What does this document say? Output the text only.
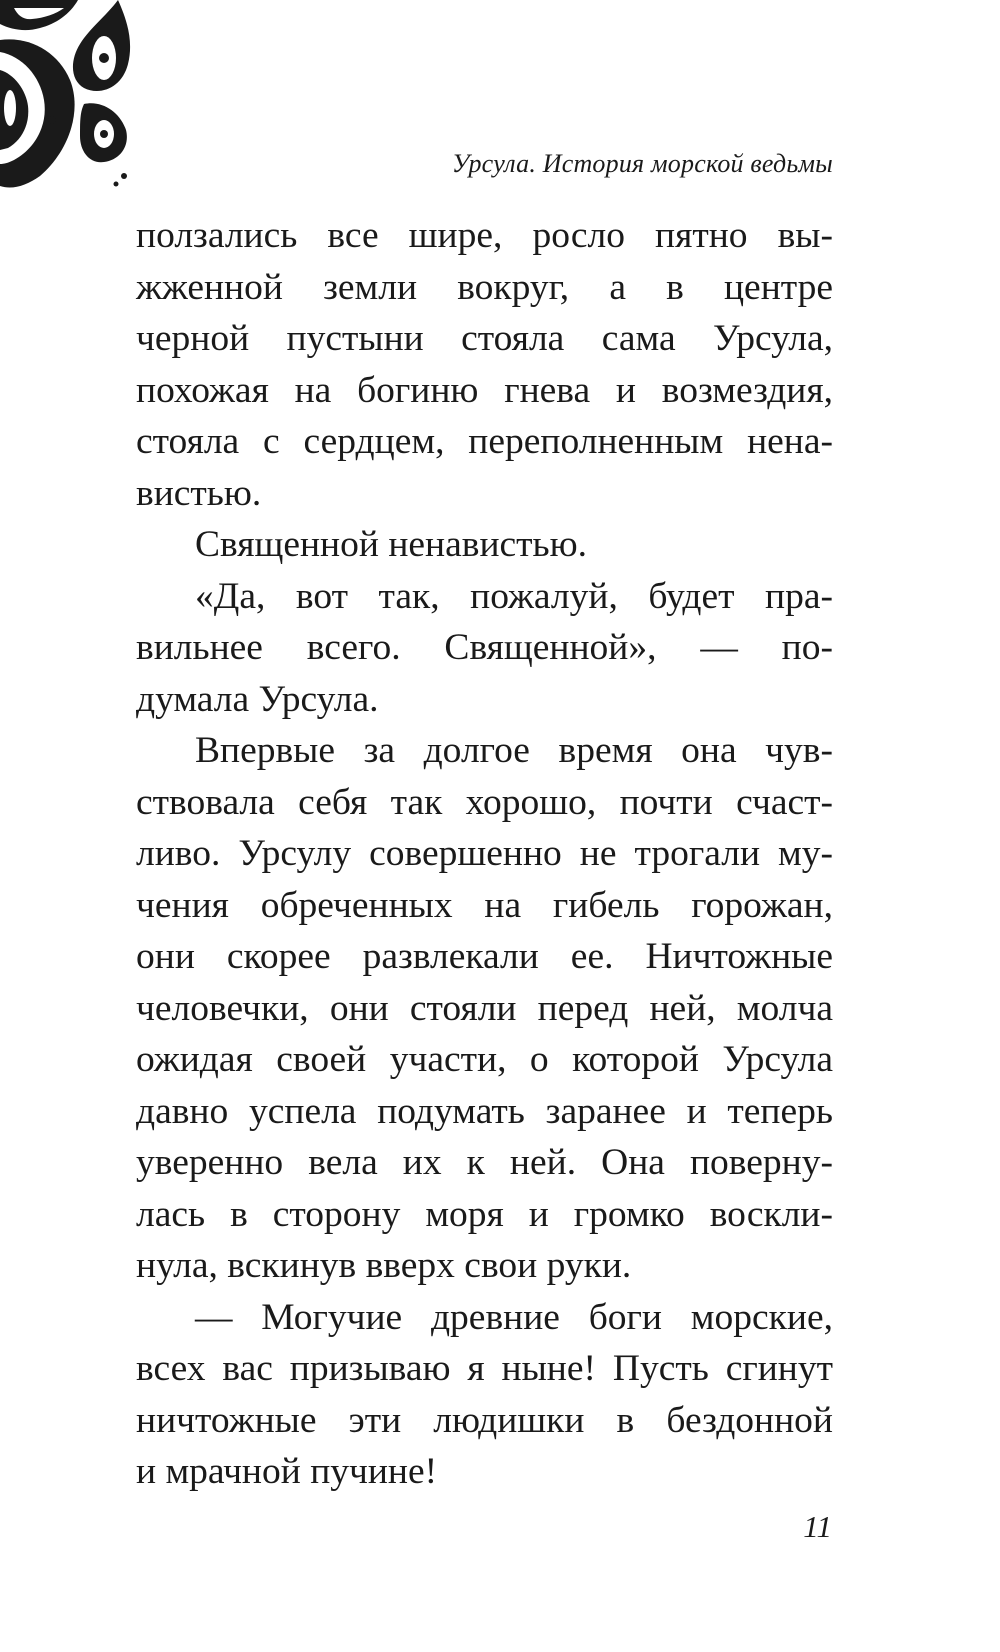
Урсула. История морской ведьмы
ползались все шире, росло пятно вы-
жженной земли вокруг, а в центре
черной пустыни стояла сама Урсула,
похожая на богиню гнева и возмездия,
стояла с сердцем, переполненным нена-
вистью.
Священной ненавистью.
«Да, вот так, пожалуй, будет пра-
вильнее всего. Священной», — по-
думала Урсула.
Впервые за долгое время она чув-
ствовала себя так хорошо, почти счаст-
ливо. Урсулу совершенно не трогали му-
чения обреченных на гибель горожан,
они скорее развлекали ее. Ничтожные
человечки, они стояли перед ней, молча
ожидая своей участи, о которой Урсула
давно успела подумать заранее и теперь
уверенно вела их к ней. Она поверну-
лась в сторону моря и громко воскли-
нула, вскинув вверх свои руки.
— Могучие древние боги морские,
всех вас призываю я ныне! Пусть сгинут
ничтожные эти людишки в бездонной
и мрачной пучине!
11
